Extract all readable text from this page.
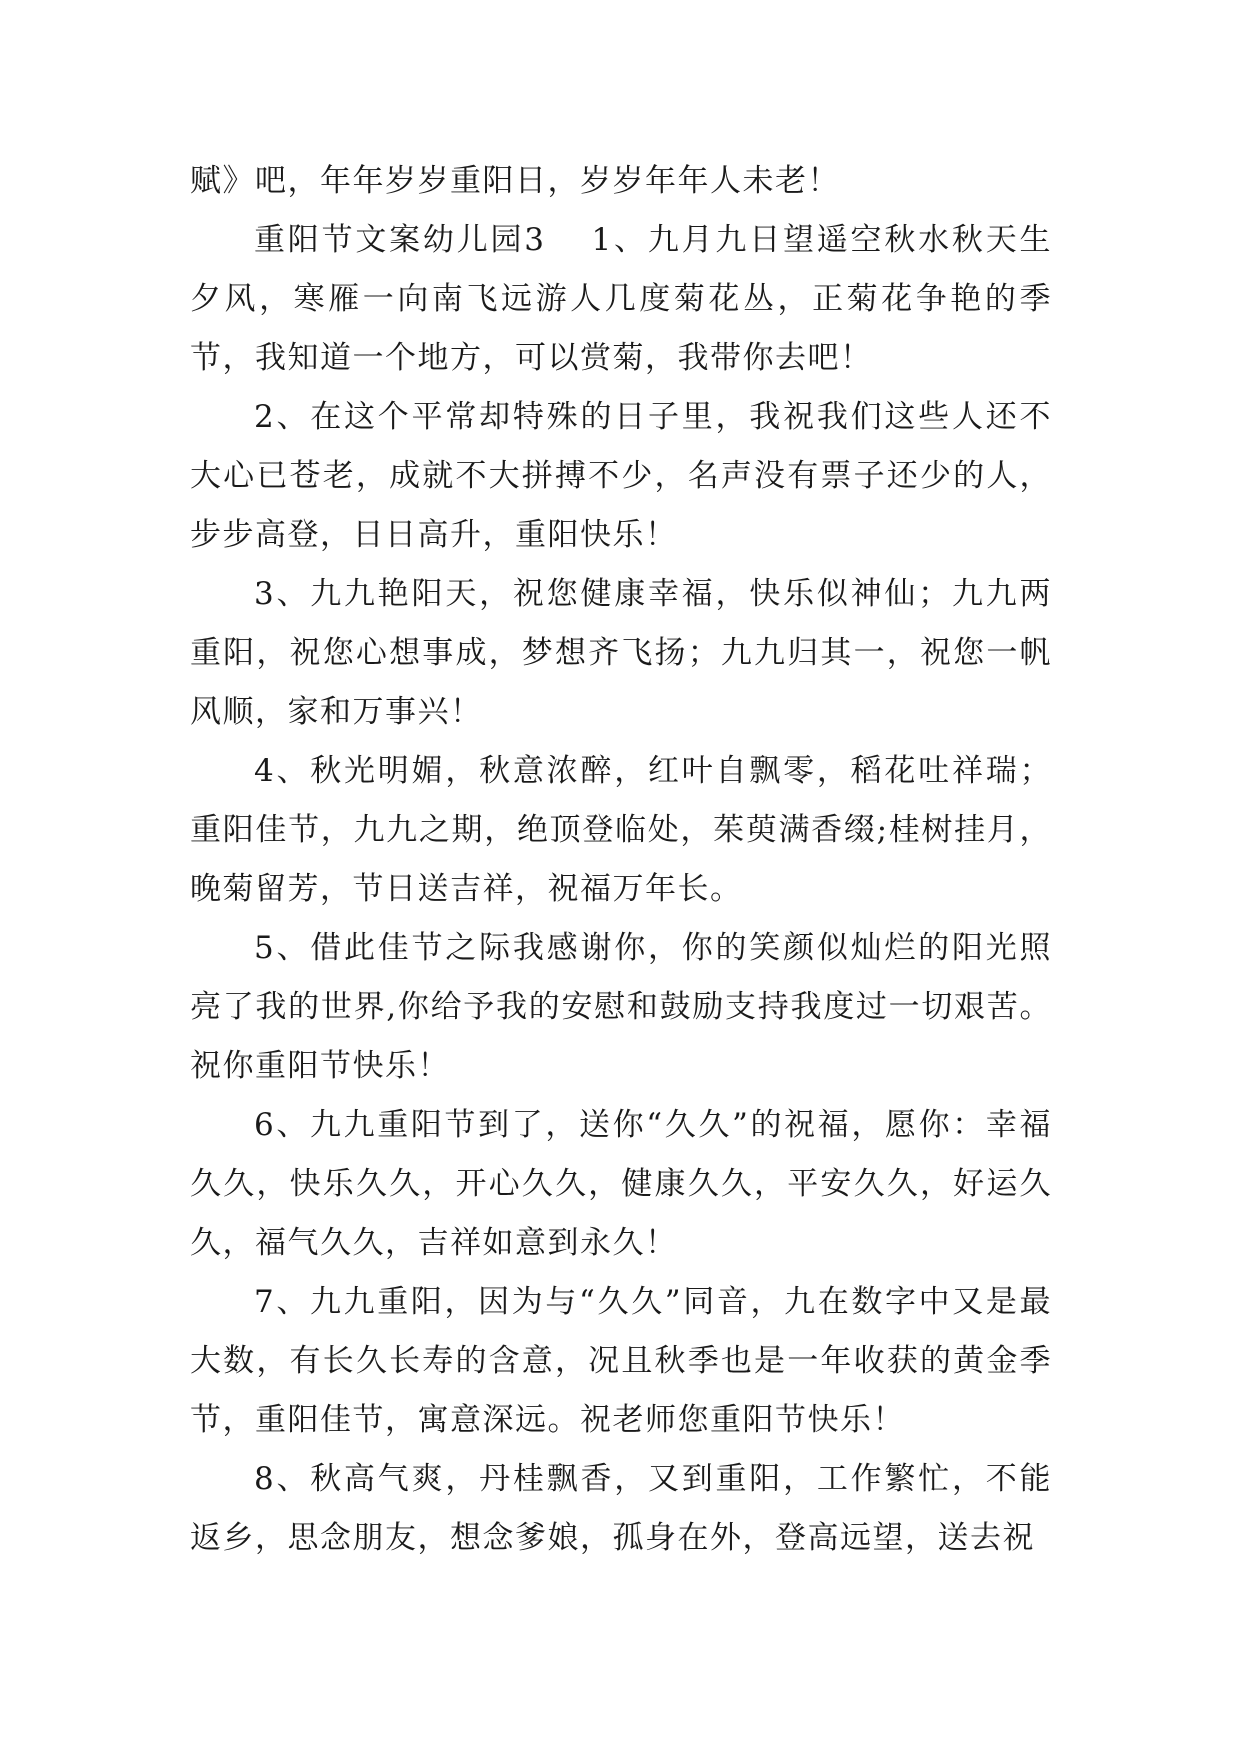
赋》吧，年年岁岁重阳日，岁岁年年人未老！

重阳节文案幼儿园3 1、九月九日望遥空秋水秋天生夕风，寒雁一向南飞远游人几度菊花丛，正菊花争艳的季节，我知道一个地方，可以赏菊，我带你去吧！

2、在这个平常却特殊的日子里，我祝我们这些人还不大心已苍老，成就不大拼搏不少，名声没有票子还少的人，步步高登，日日高升，重阳快乐！

3、九九艳阳天，祝您健康幸福，快乐似神仙；九九两重阳，祝您心想事成，梦想齐飞扬；九九归其一，祝您一帆风顺，家和万事兴！

4、秋光明媚，秋意浓醉，红叶自飘零，稻花吐祥瑞；重阳佳节，九九之期，绝顶登临处，茱萸满香缀;桂树挂月，晚菊留芳，节日送吉祥，祝福万年长。

5、借此佳节之际我感谢你，你的笑颜似灿烂的阳光照亮了我的世界,你给予我的安慰和鼓励支持我度过一切艰苦。祝你重阳节快乐！

6、九九重阳节到了，送你“久久”的祝福，愿你：幸福久久，快乐久久，开心久久，健康久久，平安久久，好运久久，福气久久，吉祥如意到永久！

7、九九重阳，因为与“久久”同音，九在数字中又是最大数，有长久长寿的含意，况且秋季也是一年收获的黄金季节，重阳佳节，寓意深远。祝老师您重阳节快乐！

8、秋高气爽，丹桂飘香，又到重阳，工作繁忙，不能返乡，思念朋友，想念爹娘，孤身在外，登高远望，送去祝
